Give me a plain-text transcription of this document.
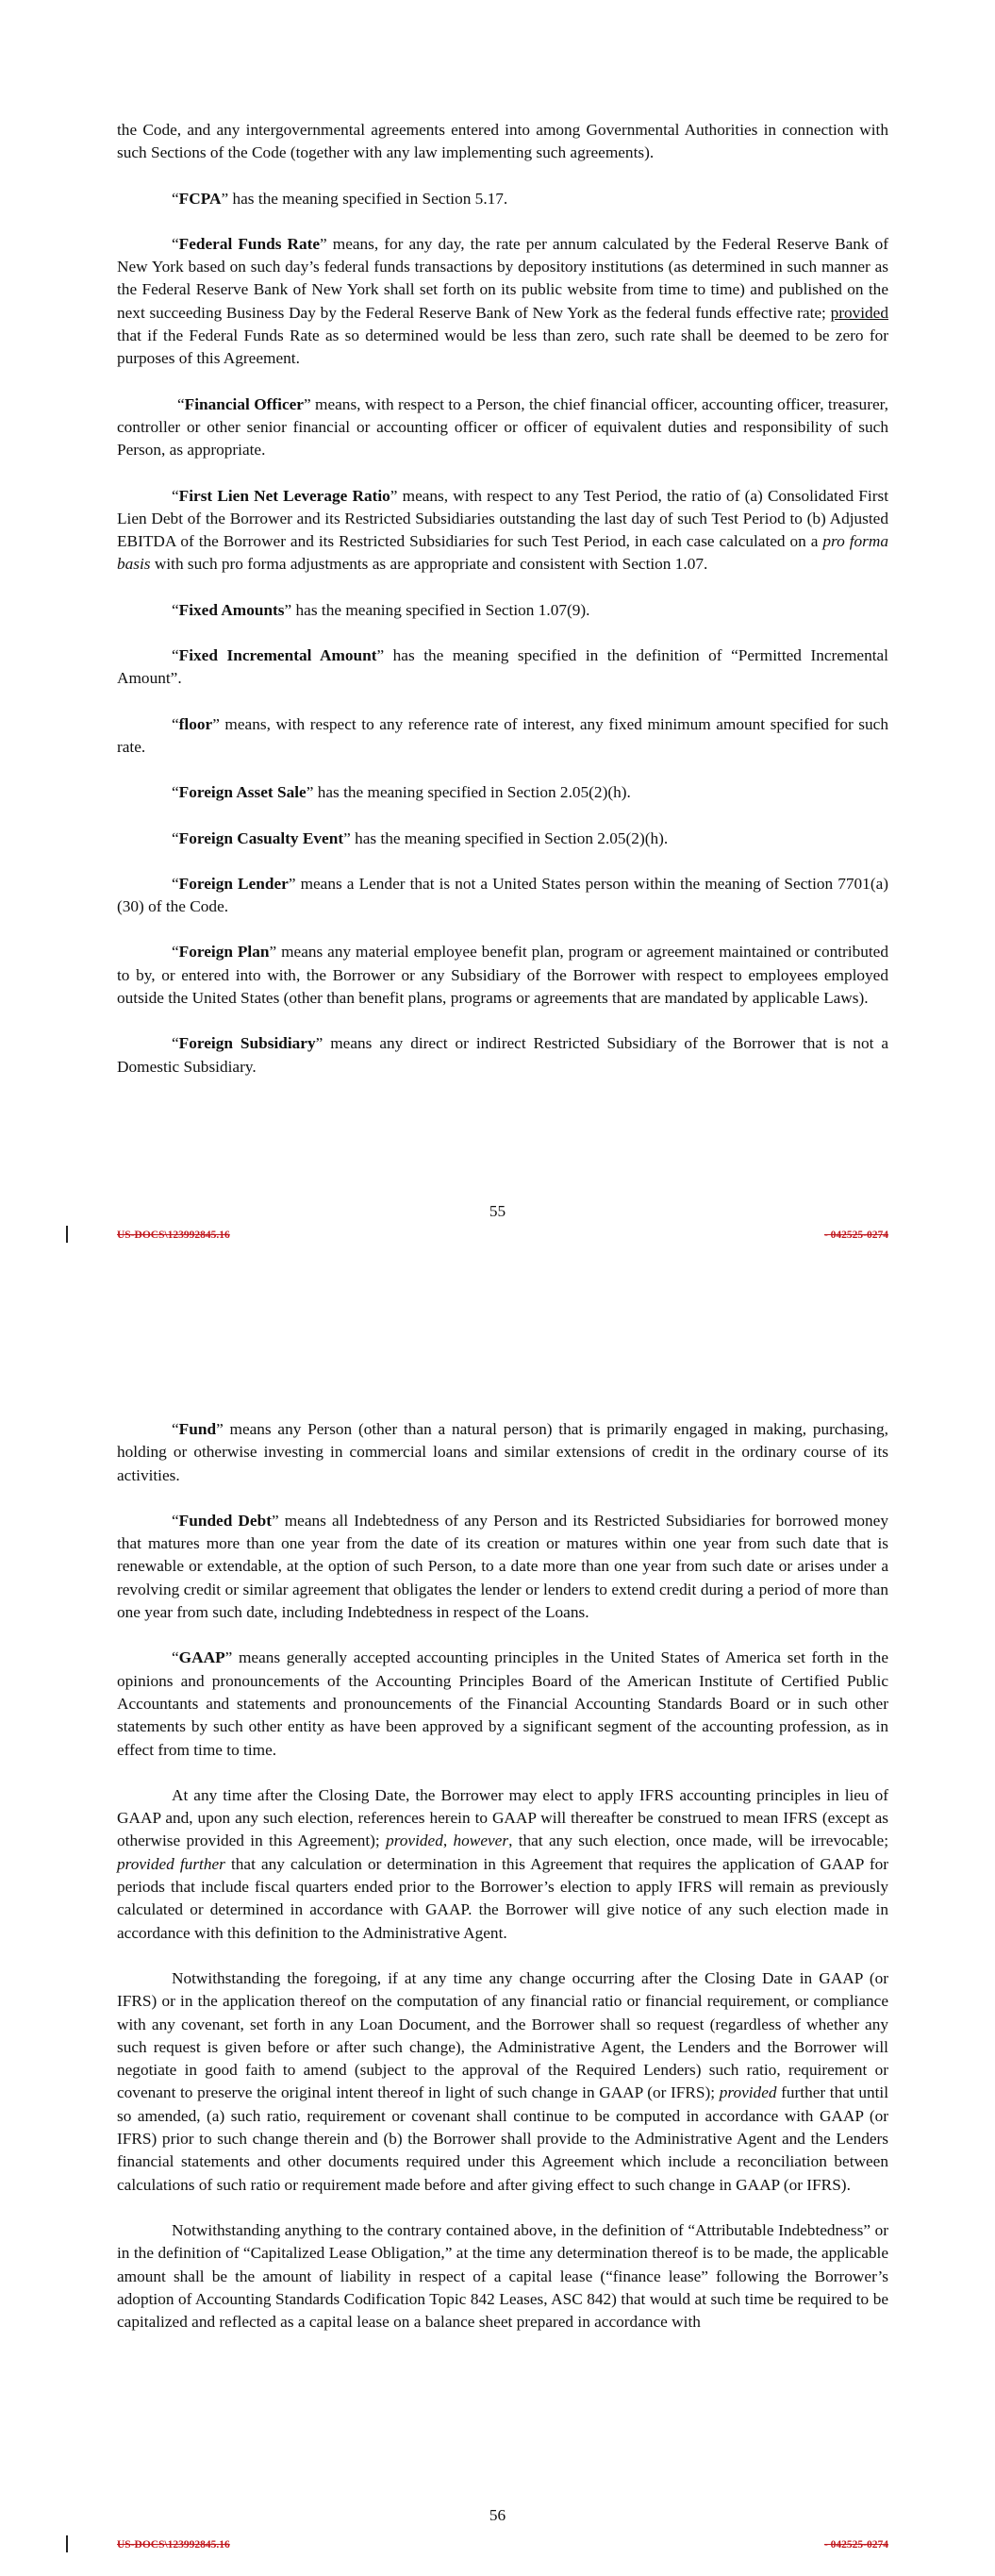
the Code, and any intergovernmental agreements entered into among Governmental Authorities in connection with such Sections of the Code (together with any law implementing such agreements).

“FCPA” has the meaning specified in Section 5.17.

“Federal Funds Rate” means, for any day, the rate per annum calculated by the Federal Reserve Bank of New York based on such day’s federal funds transactions by depository institutions (as determined in such manner as the Federal Reserve Bank of New York shall set forth on its public website from time to time) and published on the next succeeding Business Day by the Federal Reserve Bank of New York as the federal funds effective rate; provided that if the Federal Funds Rate as so determined would be less than zero, such rate shall be deemed to be zero for purposes of this Agreement.

“Financial Officer” means, with respect to a Person, the chief financial officer, accounting officer, treasurer, controller or other senior financial or accounting officer or officer of equivalent duties and responsibility of such Person, as appropriate.

“First Lien Net Leverage Ratio” means, with respect to any Test Period, the ratio of (a) Consolidated First Lien Debt of the Borrower and its Restricted Subsidiaries outstanding the last day of such Test Period to (b) Adjusted EBITDA of the Borrower and its Restricted Subsidiaries for such Test Period, in each case calculated on a pro forma basis with such pro forma adjustments as are appropriate and consistent with Section 1.07.

“Fixed Amounts” has the meaning specified in Section 1.07(9).

“Fixed Incremental Amount” has the meaning specified in the definition of “Permitted Incremental Amount”.

“floor” means, with respect to any reference rate of interest, any fixed minimum amount specified for such rate.

“Foreign Asset Sale” has the meaning specified in Section 2.05(2)(h).

“Foreign Casualty Event” has the meaning specified in Section 2.05(2)(h).

“Foreign Lender” means a Lender that is not a United States person within the meaning of Section 7701(a)(30) of the Code.

“Foreign Plan” means any material employee benefit plan, program or agreement maintained or contributed to by, or entered into with, the Borrower or any Subsidiary of the Borrower with respect to employees employed outside the United States (other than benefit plans, programs or agreements that are mandated by applicable Laws).

“Foreign Subsidiary” means any direct or indirect Restricted Subsidiary of the Borrower that is not a Domestic Subsidiary.

55
US-DOCS\123992845.16	- 042525-0274

“Fund” means any Person (other than a natural person) that is primarily engaged in making, purchasing, holding or otherwise investing in commercial loans and similar extensions of credit in the ordinary course of its activities.

“Funded Debt” means all Indebtedness of any Person and its Restricted Subsidiaries for borrowed money that matures more than one year from the date of its creation or matures within one year from such date that is renewable or extendable, at the option of such Person, to a date more than one year from such date or arises under a revolving credit or similar agreement that obligates the lender or lenders to extend credit during a period of more than one year from such date, including Indebtedness in respect of the Loans.

“GAAP” means generally accepted accounting principles in the United States of America set forth in the opinions and pronouncements of the Accounting Principles Board of the American Institute of Certified Public Accountants and statements and pronouncements of the Financial Accounting Standards Board or in such other statements by such other entity as have been approved by a significant segment of the accounting profession, as in effect from time to time.

At any time after the Closing Date, the Borrower may elect to apply IFRS accounting principles in lieu of GAAP and, upon any such election, references herein to GAAP will thereafter be construed to mean IFRS (except as otherwise provided in this Agreement); provided, however, that any such election, once made, will be irrevocable; provided further that any calculation or determination in this Agreement that requires the application of GAAP for periods that include fiscal quarters ended prior to the Borrower’s election to apply IFRS will remain as previously calculated or determined in accordance with GAAP. the Borrower will give notice of any such election made in accordance with this definition to the Administrative Agent.

Notwithstanding the foregoing, if at any time any change occurring after the Closing Date in GAAP (or IFRS) or in the application thereof on the computation of any financial ratio or financial requirement, or compliance with any covenant, set forth in any Loan Document, and the Borrower shall so request (regardless of whether any such request is given before or after such change), the Administrative Agent, the Lenders and the Borrower will negotiate in good faith to amend (subject to the approval of the Required Lenders) such ratio, requirement or covenant to preserve the original intent thereof in light of such change in GAAP (or IFRS); provided further that until so amended, (a) such ratio, requirement or covenant shall continue to be computed in accordance with GAAP (or IFRS) prior to such change therein and (b) the Borrower shall provide to the Administrative Agent and the Lenders financial statements and other documents required under this Agreement which include a reconciliation between calculations of such ratio or requirement made before and after giving effect to such change in GAAP (or IFRS).

Notwithstanding anything to the contrary contained above, in the definition of “Attributable Indebtedness” or in the definition of “Capitalized Lease Obligation,” at the time any determination thereof is to be made, the applicable amount shall be the amount of liability in respect of a capital lease (“finance lease” following the Borrower’s adoption of Accounting Standards Codification Topic 842 Leases, ASC 842) that would at such time be required to be capitalized and reflected as a capital lease on a balance sheet prepared in accordance with

56
US-DOCS\123992845.16	- 042525-0274
